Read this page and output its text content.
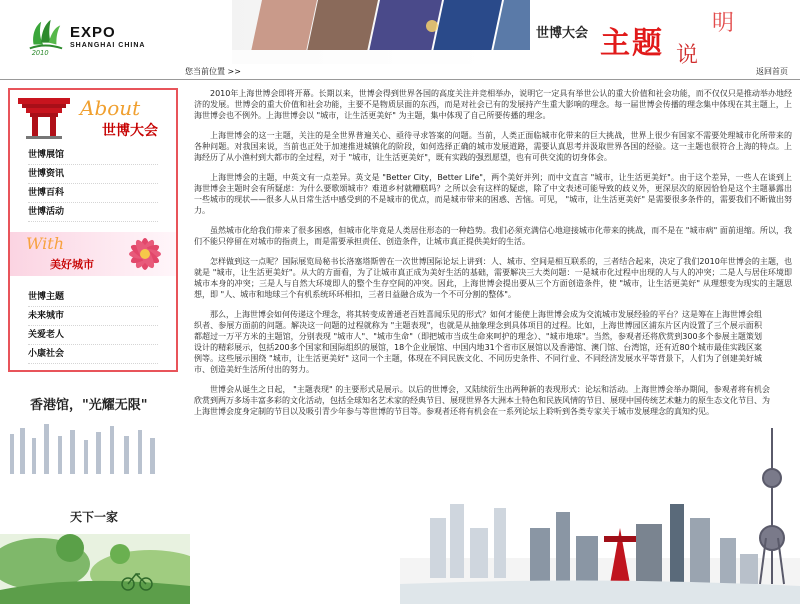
2010
EXPO
SHANGHAI CHINA
世博大会 主题
明
说
您当前位置 >>	返回首页
About
世博大会
世博展馆
世博资讯
世博百科
世博活动
With
美好城市
世博主题
未来城市
关爱老人
小康社会
香港馆，"光耀无限"
天下一家

2010年上海世博会即将开幕。长期以来，世博会得到世界各国的高度关注并竞相举办，说明它一定具有举世公认的重大价值和社会功能，而不仅仅只是推动举办地经济的发展。世博会的重大价值和社会功能，主要不是物质层面的东西，而是对社会已有的发展持产生重大影响的理念。每一届世博会传播的理念集中体现在其主题上，上海世博会也不例外。上海世博会以 "城市，让生活更美好" 为主题，集中体现了自己所要传播的理念。

上海世博会的这一主题，关注的是全世界普遍关心、亟待寻求答案的问题。当前，人类正面临城市化带来的巨大挑战，世界上很少有国家不需要处理城市化所带来的各种问题。对我国来说，当前也正处于加速推进城镇化的阶段，如何选择正确的城市发展道路，需要认真思考并汲取世界各国的经验。这一主题也很符合上海的特点。上海经历了从小渔村到大都市的全过程，对于 "城市，让生活更美好"，既有实践的强烈愿望，也有可供交流的切身体会。

上海世博会的主题，中英文有一点差异。英文是 "Better City，Better Life"，两个美好并列；而中文直言 "城市，让生活更美好"。由于这个差异，一些人在谈到上海世博会主题时会有所疑虑：为什么要歌颂城市？难道乡村就糟糕吗？之所以会有这样的疑虑，除了中文表述可能导致的歧义外，更深层次的原因恰恰是这个主题暴露出一些城市的现状——很多人从日常生活中感受到的不是城市的优点，而是城市带来的困惑、苦恼。可见， "城市，让生活更美好" 是需要很多条件的，需要我们不断做出努力。

虽然城市化给我们带来了很多困惑，但城市化毕竟是人类居住形态的一种趋势。我们必须充满信心地迎接城市化带来的挑战，而不是在 "城市病" 面前退缩。所以，我们不能只停留在对城市的指责上，而是需要承担责任、创造条件，让城市真正提供美好的生活。

怎样做到这一点呢？国际展览局秘书长洛塞塔斯曾在一次世博国际论坛上讲到：人、城市、空间是相互联系的，三者结合起来，决定了我们2010年世博会的主题，也就是 "城市，让生活更美好"。从大的方面看，为了让城市真正成为美好生活的基础，需要解决三大类问题：一是城市化过程中出现的人与人的冲突；二是人与居住环境即城市本身的冲突；三是人与自然大环境即人的整个生存空间的冲突。因此，上海世博会提出要从三个方面创造条件，使 "城市，让生活更美好" 从理想变为现实的主题思想，即 "人、城市和地球三个有机系统环环相扣，三者日益融合成为一个不可分割的整体"。

那么，上海世博会如何传递这个理念，将其转变成普通老百姓喜闻乐见的形式？如何才能使上海世博会成为交流城市发展经验的平台？这是筹在上海世博会组织者、参展方面前的问题。解决这一问题的过程就称为 "主题表现"，也就是从抽象理念到具体项目的过程。比如，上海世博园区浦东片区内设置了三个展示面积都超过一万平方米的主题馆，分别表现 "城市人"、"城市生命"（即把城市当成生命來呵护的理念）、"城市地球"。当然，参观者还将欣赏到300多个参展主题策划设计的精彩展示，包括200多个国家和国际组织的展馆，18个企业展馆、中国内地31个省市区展馆以及香港馆、澳门馆、台湾馆，还有近80个城市最佳实践区案例等。这些展示围绕 "城市，让生活更美好" 这同一个主题，体现在不同民族文化、不同历史条件、不同行业、不同经济发展水平等背景下，人们为了创建美好城市、创造美好生活所付出的努力。

世博会从诞生之日起， "主题表现" 的主要形式是展示。以后的世博会，又陆续衍生出两种新的表现形式：论坛和活动。上海世博会举办期间，参观者将有机会欣赏到两万多场丰富多彩的文化活动，包括全球知名艺术家的经典节目、展现世界各大洲本土特色和民族风情的节目、展现中国传统艺术魅力的原生态文化节目、为上海世博会度身定制的节目以及吸引青少年参与等世博的节目等。参观者还将有机会在一系列论坛上聆听到各类专家关于城市发展理念的真知灼见。
